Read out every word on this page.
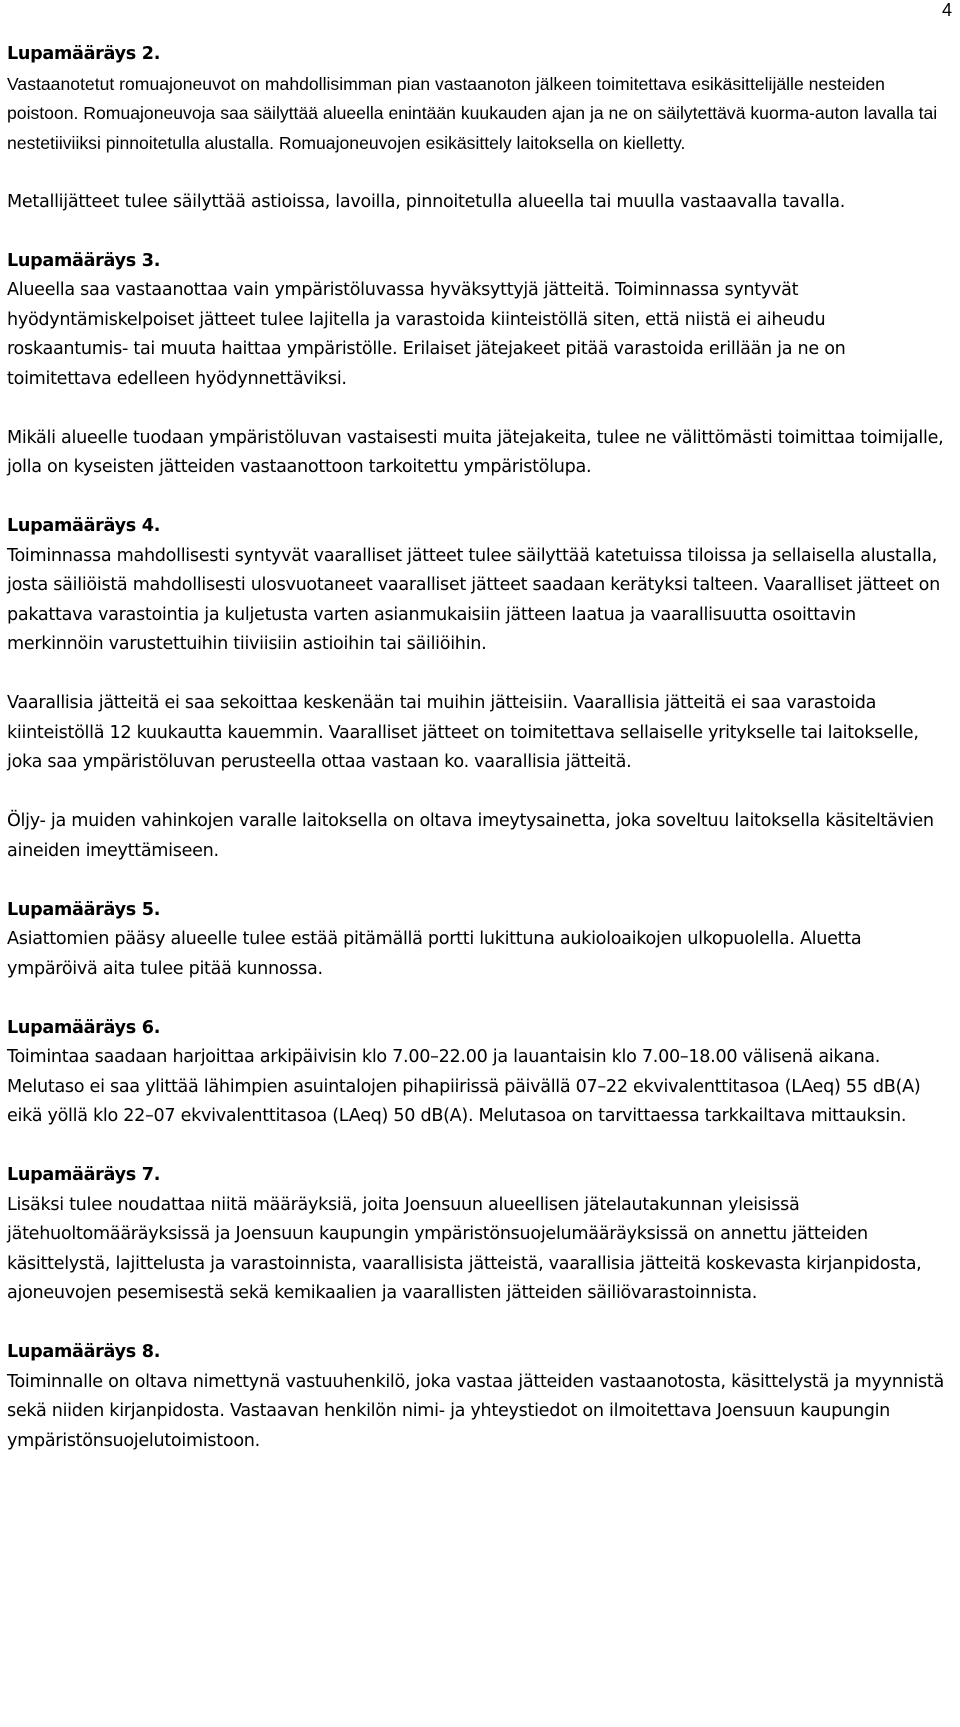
4

Lupamääräys 2.

Vastaanotetut romuajoneuvot on mahdollisimman pian vastaanoton jälkeen toimitettava esikäsittelijälle nesteiden poistoon. Romuajoneuvoja saa säilyttää alueella enintään kuukauden ajan ja ne on säilytettävä kuorma-auton lavalla tai nestetiiviiksi pinnoitetulla alustalla. Romuajoneuvojen esikäsittely laitoksella on kielletty.

Metallijätteet tulee säilyttää astioissa, lavoilla, pinnoitetulla alueella tai muulla vastaavalla tavalla.

Lupamääräys 3.

Alueella saa vastaanottaa vain ympäristöluvassa hyväksyttyjä jätteitä. Toiminnassa syntyvät hyödyntämiskelpoiset jätteet tulee lajitella ja varastoida kiinteistöllä siten, että niistä ei aiheudu roskaantumis- tai muuta haittaa ympäristölle. Erilaiset jätejakeet pitää varastoida erillään ja ne on toimitettava edelleen hyödynnettäviksi.

Mikäli alueelle tuodaan ympäristöluvan vastaisesti muita jätejakeita, tulee ne välittömästi toimittaa toimijalle, jolla on kyseisten jätteiden vastaanottoon tarkoitettu ympäristölupa.

Lupamääräys 4.

Toiminnassa mahdollisesti syntyvät vaaralliset jätteet tulee säilyttää katetuissa tiloissa ja sellaisella alustalla, josta säiliöistä mahdollisesti ulosvuotaneet vaaralliset jätteet saadaan kerätyksi talteen. Vaaralliset jätteet on pakattava varastointia ja kuljetusta varten asianmukaisiin jätteen laatua ja vaarallisuutta osoittavin merkinnöin varustettuihin tiiviisiin astioihin tai säiliöihin.

Vaarallisia jätteitä ei saa sekoittaa keskenään tai muihin jätteisiin. Vaarallisia jätteitä ei saa varastoida kiinteistöllä 12 kuukautta kauemmin. Vaaralliset jätteet on toimitettava sellaiselle yritykselle tai laitokselle, joka saa ympäristöluvan perusteella ottaa vastaan ko. vaarallisia jätteitä.

Öljy- ja muiden vahinkojen varalle laitoksella on oltava imeytysainetta, joka soveltuu laitoksella käsiteltävien aineiden imeyttämiseen.

Lupamääräys 5.

Asiattomien pääsy alueelle tulee estää pitämällä portti lukittuna aukioloaikojen ulkopuolella. Aluetta ympäröivä aita tulee pitää kunnossa.

Lupamääräys 6.

Toimintaa saadaan harjoittaa arkipäivisin klo 7.00–22.00 ja lauantaisin klo 7.00–18.00 välisenä aikana.

Melutaso ei saa ylittää lähimpien asuintalojen pihapiirissä päivällä 07–22 ekvivalenttitasoa (LAeq) 55 dB(A) eikä yöllä klo 22–07 ekvivalenttitasoa (LAeq) 50 dB(A). Melutasoa on tarvittaessa tarkkailtava mittauksin.

Lupamääräys 7.

Lisäksi tulee noudattaa niitä määräyksiä, joita Joensuun alueellisen jätelautakunnan yleisissä jätehuoltomääräyksissä ja Joensuun kaupungin ympäristönsuojelumääräyksissä on annettu jätteiden käsittelystä, lajittelusta ja varastoinnista, vaarallisista jätteistä, vaarallisia jätteitä koskevasta kirjanpidosta, ajoneuvojen pesemisestä sekä kemikaalien ja vaarallisten jätteiden säiliövarastoinnista.

Lupamääräys 8.

Toiminnalle on oltava nimettynä vastuuhenkilö, joka vastaa jätteiden vastaanotosta, käsittelystä ja myynnistä sekä niiden kirjanpidosta. Vastaavan henkilön nimi- ja yhteystiedot on ilmoitettava Joensuun kaupungin ympäristönsuojelutoimistoon.
